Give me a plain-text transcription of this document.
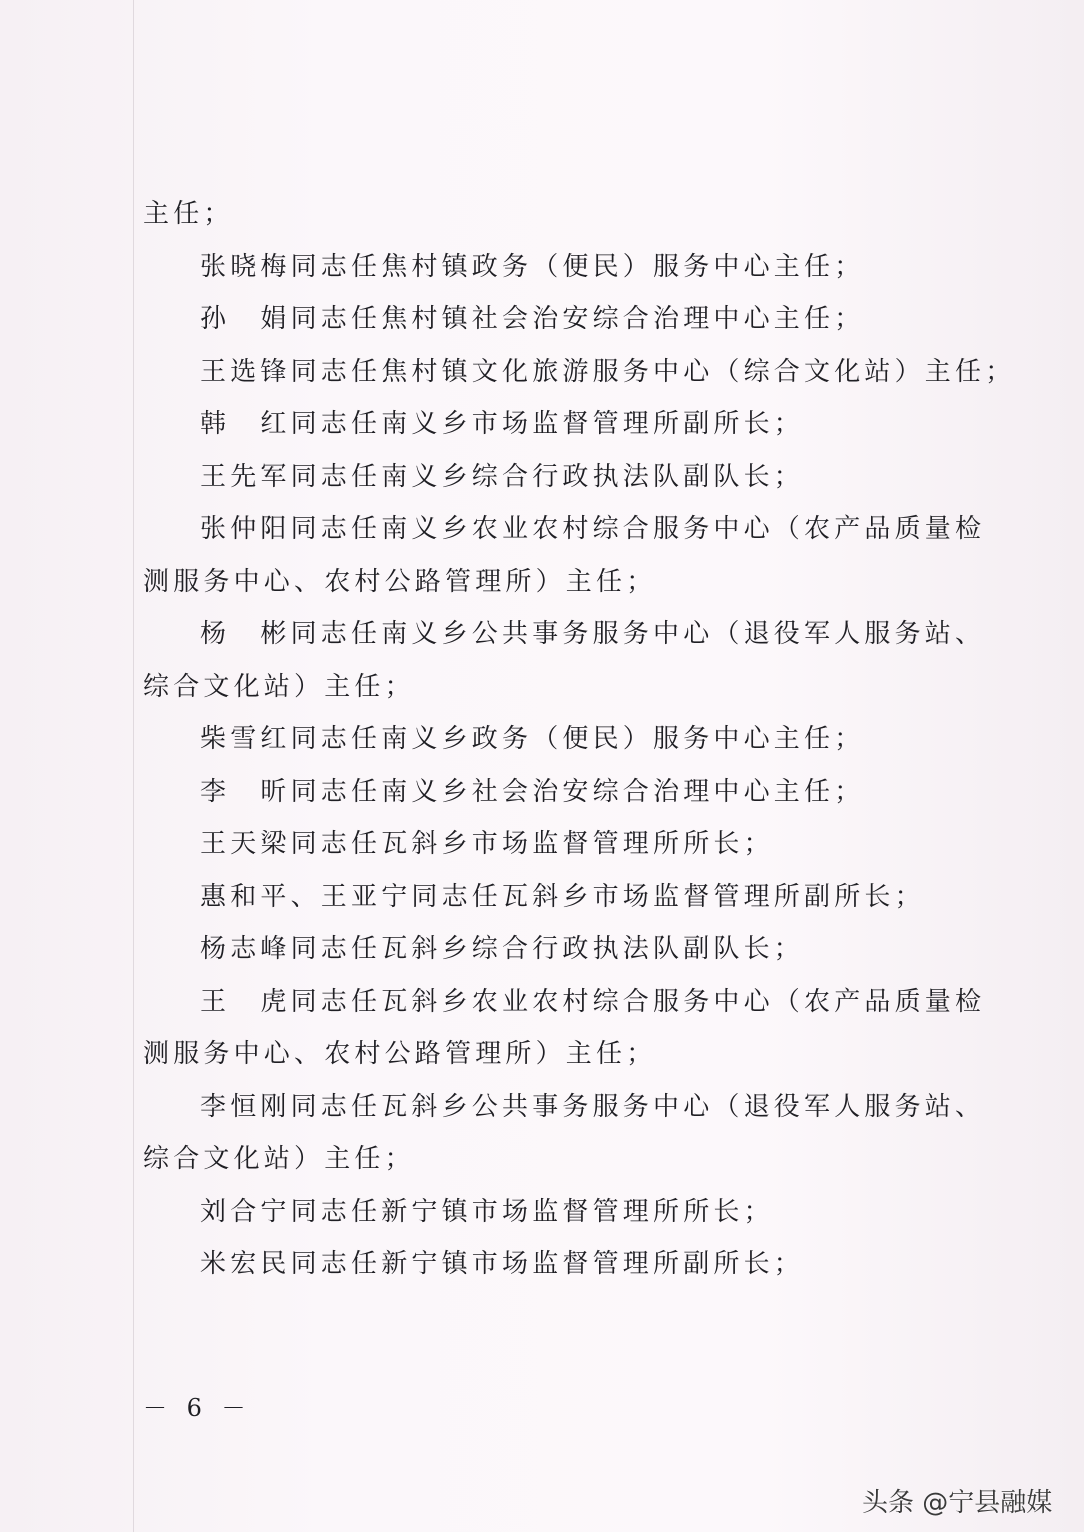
主任；
张晓梅同志任焦村镇政务（便民）服务中心主任；
孙　娟同志任焦村镇社会治安综合治理中心主任；
王选锋同志任焦村镇文化旅游服务中心（综合文化站）主任；
韩　红同志任南义乡市场监督管理所副所长；
王先军同志任南义乡综合行政执法队副队长；
张仲阳同志任南义乡农业农村综合服务中心（农产品质量检
测服务中心、农村公路管理所）主任；
杨　彬同志任南义乡公共事务服务中心（退役军人服务站、
综合文化站）主任；
柴雪红同志任南义乡政务（便民）服务中心主任；
李　昕同志任南义乡社会治安综合治理中心主任；
王天梁同志任瓦斜乡市场监督管理所所长；
惠和平、王亚宁同志任瓦斜乡市场监督管理所副所长；
杨志峰同志任瓦斜乡综合行政执法队副队长；
王　虎同志任瓦斜乡农业农村综合服务中心（农产品质量检
测服务中心、农村公路管理所）主任；
李恒刚同志任瓦斜乡公共事务服务中心（退役军人服务站、
综合文化站）主任；
刘合宁同志任新宁镇市场监督管理所所长；
米宏民同志任新宁镇市场监督管理所副所长；
－ 6 －
头条 @宁县融媒
